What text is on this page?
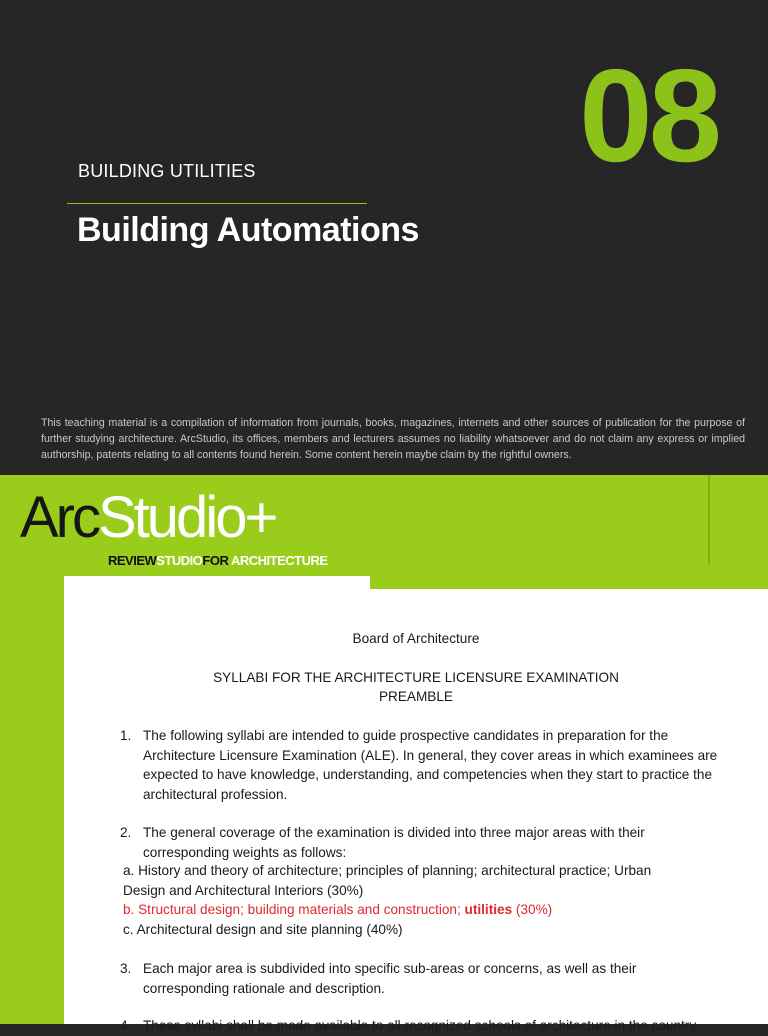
08
BUILDING UTILITIES
Building Automations
This teaching material is a compilation of information from journals, books, magazines, internets and other sources of publication for the purpose of further studying architecture. ArcStudio, its offices, members and lecturers assumes no liability whatsoever and do not claim any express or implied authorship, patents relating to all contents found herein. Some content herein maybe claim by the rightful owners.
ArcStudio+
REVIEWSTUDIOFOR ARCHITECTURE
Board of Architecture
SYLLABI FOR THE ARCHITECTURE LICENSURE EXAMINATION
PREAMBLE
1. The following syllabi are intended to guide prospective candidates in preparation for the Architecture Licensure Examination (ALE). In general, they cover areas in which examinees are expected to have knowledge, understanding, and competencies when they start to practice the architectural profession.
2. The general coverage of the examination is divided into three major areas with their corresponding weights as follows:
a. History and theory of architecture; principles of planning; architectural practice; Urban Design and Architectural Interiors (30%)
b. Structural design; building materials and construction; utilities (30%)
c. Architectural design and site planning (40%)
3. Each major area is subdivided into specific sub-areas or concerns, as well as their corresponding rationale and description.
4. These syllabi shall be made available to all recognized schools of architecture in the country
